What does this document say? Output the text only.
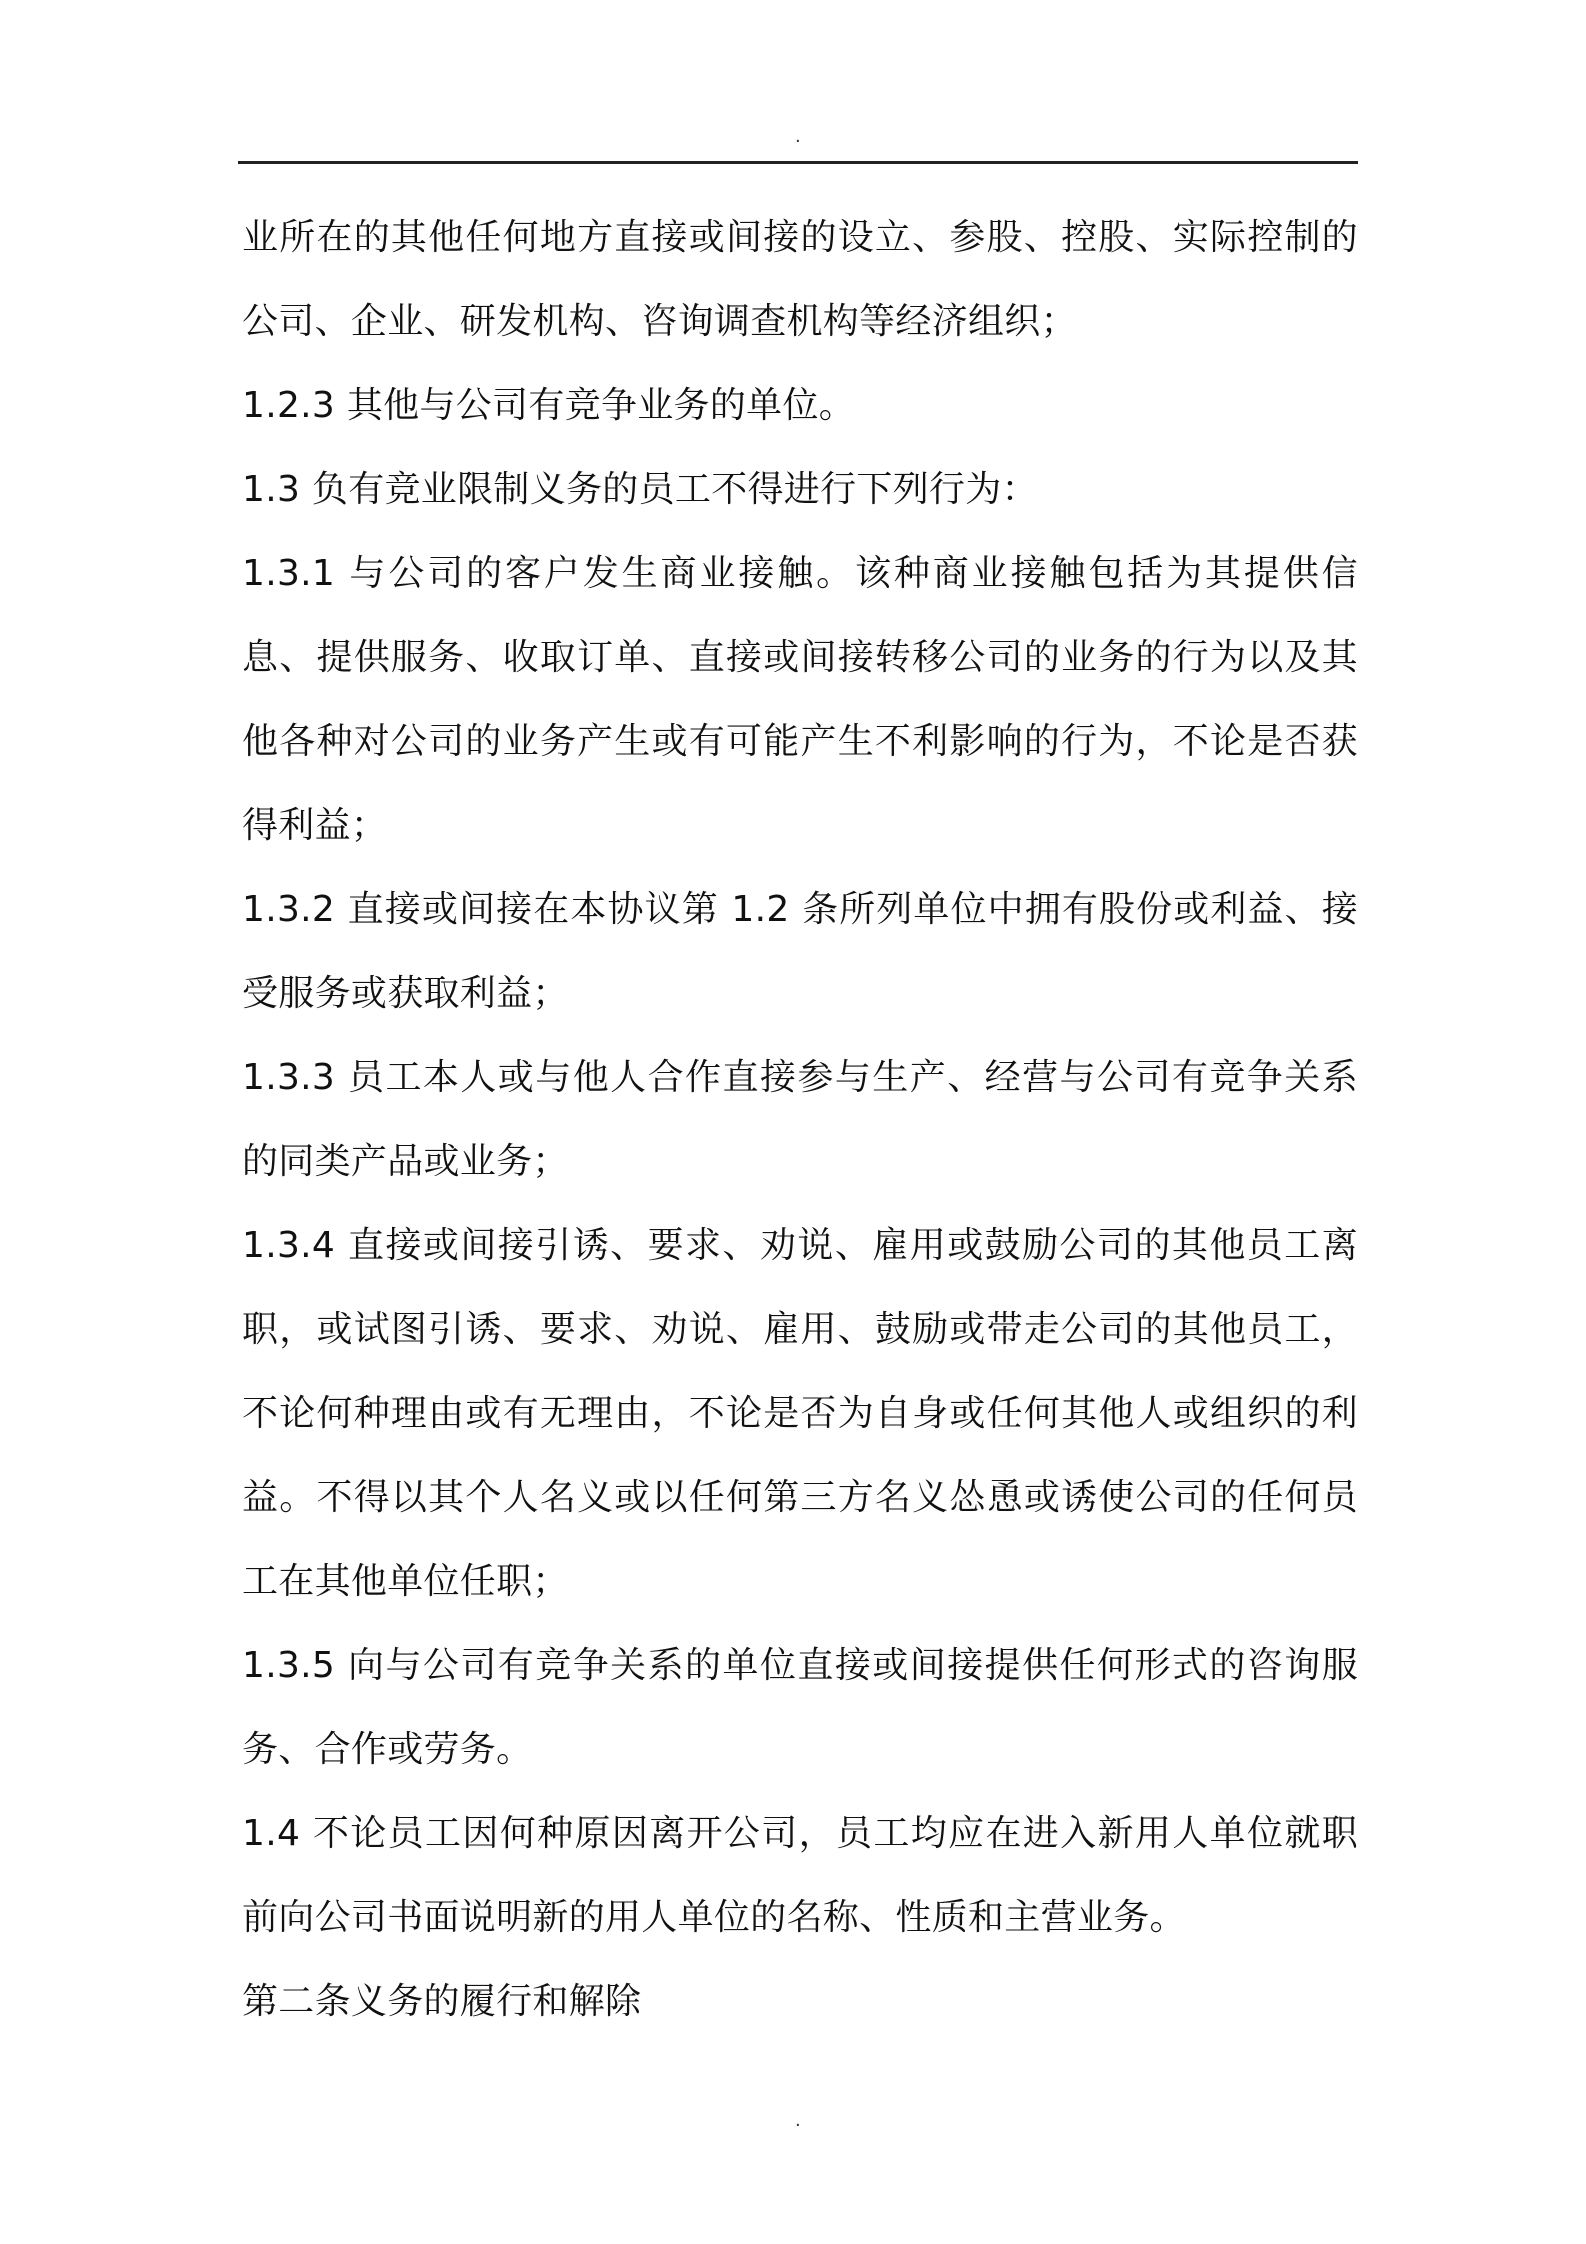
.

业所在的其他任何地方直接或间接的设立、参股、控股、实际控制的公司、企业、研发机构、咨询调查机构等经济组织；

1.2.3 其他与公司有竞争业务的单位。

1.3 负有竞业限制义务的员工不得进行下列行为：

1.3.1 与公司的客户发生商业接触。该种商业接触包括为其提供信息、提供服务、收取订单、直接或间接转移公司的业务的行为以及其他各种对公司的业务产生或有可能产生不利影响的行为，不论是否获得利益；

1.3.2 直接或间接在本协议第 1.2 条所列单位中拥有股份或利益、接受服务或获取利益；

1.3.3 员工本人或与他人合作直接参与生产、经营与公司有竞争关系的同类产品或业务；

1.3.4 直接或间接引诱、要求、劝说、雇用或鼓励公司的其他员工离职，或试图引诱、要求、劝说、雇用、鼓励或带走公司的其他员工，不论何种理由或有无理由，不论是否为自身或任何其他人或组织的利益。不得以其个人名义或以任何第三方名义怂恿或诱使公司的任何员工在其他单位任职；

1.3.5 向与公司有竞争关系的单位直接或间接提供任何形式的咨询服务、合作或劳务。

1.4 不论员工因何种原因离开公司，员工均应在进入新用人单位就职前向公司书面说明新的用人单位的名称、性质和主营业务。

第二条义务的履行和解除

.
